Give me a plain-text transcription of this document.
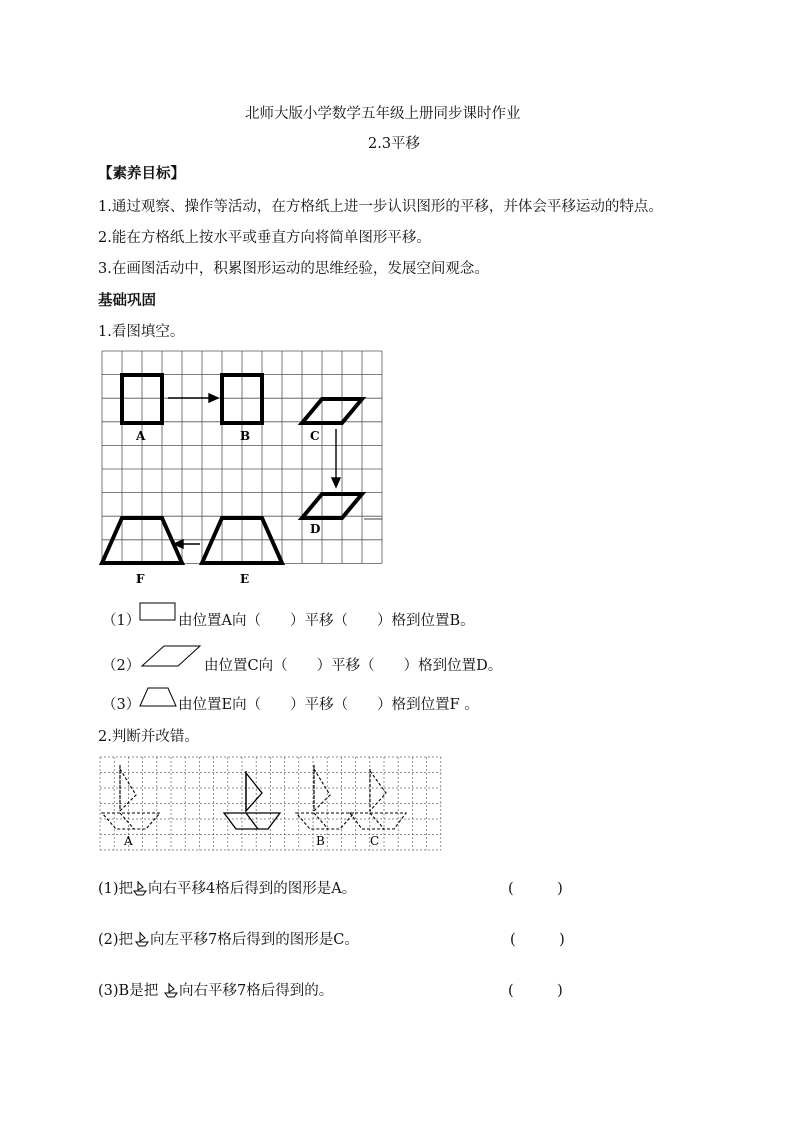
北师大版小学数学五年级上册同步课时作业
2.3平移
【素养目标】
1.通过观察、操作等活动，在方格纸上进一步认识图形的平移，并体会平移运动的特点。
2.能在方格纸上按水平或垂直方向将简单图形平移。
3.在画图活动中，积累图形运动的思维经验，发展空间观念。
基础巩固
1.看图填空。
A	B	C
D
E
F
（1）	由位置A向（　　）平移（　　）格到位置B。
（2）	由位置C向（　　）平移（　　）格到位置D。
（3）	由位置E向（　　）平移（　　）格到位置F 。
2.判断并改错。
A	B	C
(1)把 向右平移4格后得到的图形是A。	(　　　)
(2)把 向左平移7格后得到的图形是C。	(　　　)
(3)B是把 向右平移7格后得到的。	(　　　)
